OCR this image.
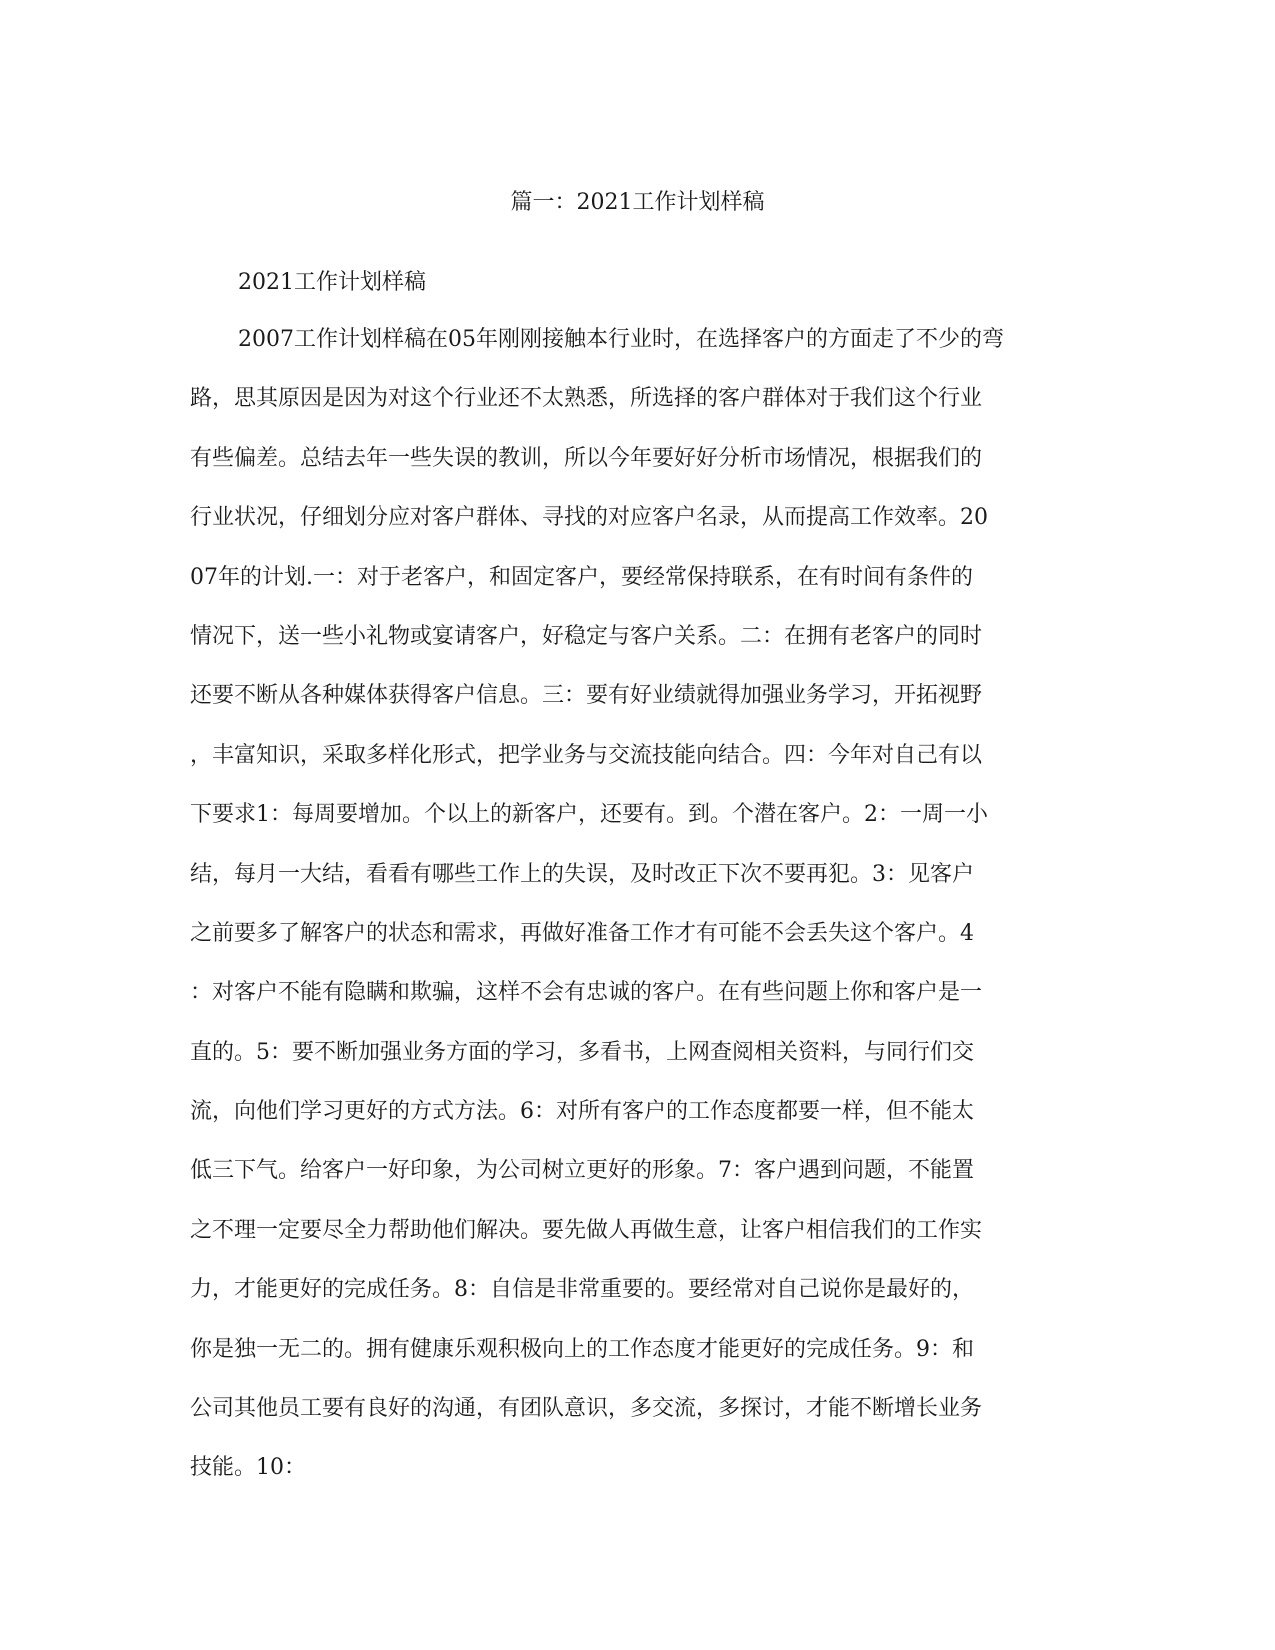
篇一：2021工作计划样稿
2021工作计划样稿
2007工作计划样稿在05年刚刚接触本行业时，在选择客户的方面走了不少的弯
路，思其原因是因为对这个行业还不太熟悉，所选择的客户群体对于我们这个行业
有些偏差。总结去年一些失误的教训，所以今年要好好分析市场情况，根据我们的
行业状况，仔细划分应对客户群体、寻找的对应客户名录，从而提高工作效率。20
07年的计划.一：对于老客户，和固定客户，要经常保持联系，在有时间有条件的
情况下，送一些小礼物或宴请客户，好稳定与客户关系。二：在拥有老客户的同时
还要不断从各种媒体获得客户信息。三：要有好业绩就得加强业务学习，开拓视野
，丰富知识，采取多样化形式，把学业务与交流技能向结合。四：今年对自己有以
下要求1：每周要增加。个以上的新客户，还要有。到。个潜在客户。2：一周一小
结，每月一大结，看看有哪些工作上的失误，及时改正下次不要再犯。3：见客户
之前要多了解客户的状态和需求，再做好准备工作才有可能不会丢失这个客户。4
：对客户不能有隐瞒和欺骗，这样不会有忠诚的客户。在有些问题上你和客户是一
直的。5：要不断加强业务方面的学习，多看书，上网查阅相关资料，与同行们交
流，向他们学习更好的方式方法。6：对所有客户的工作态度都要一样，但不能太
低三下气。给客户一好印象，为公司树立更好的形象。7：客户遇到问题，不能置
之不理一定要尽全力帮助他们解决。要先做人再做生意，让客户相信我们的工作实
力，才能更好的完成任务。8：自信是非常重要的。要经常对自己说你是最好的，
你是独一无二的。拥有健康乐观积极向上的工作态度才能更好的完成任务。9：和
公司其他员工要有良好的沟通，有团队意识，多交流，多探讨，才能不断增长业务
技能。10：
